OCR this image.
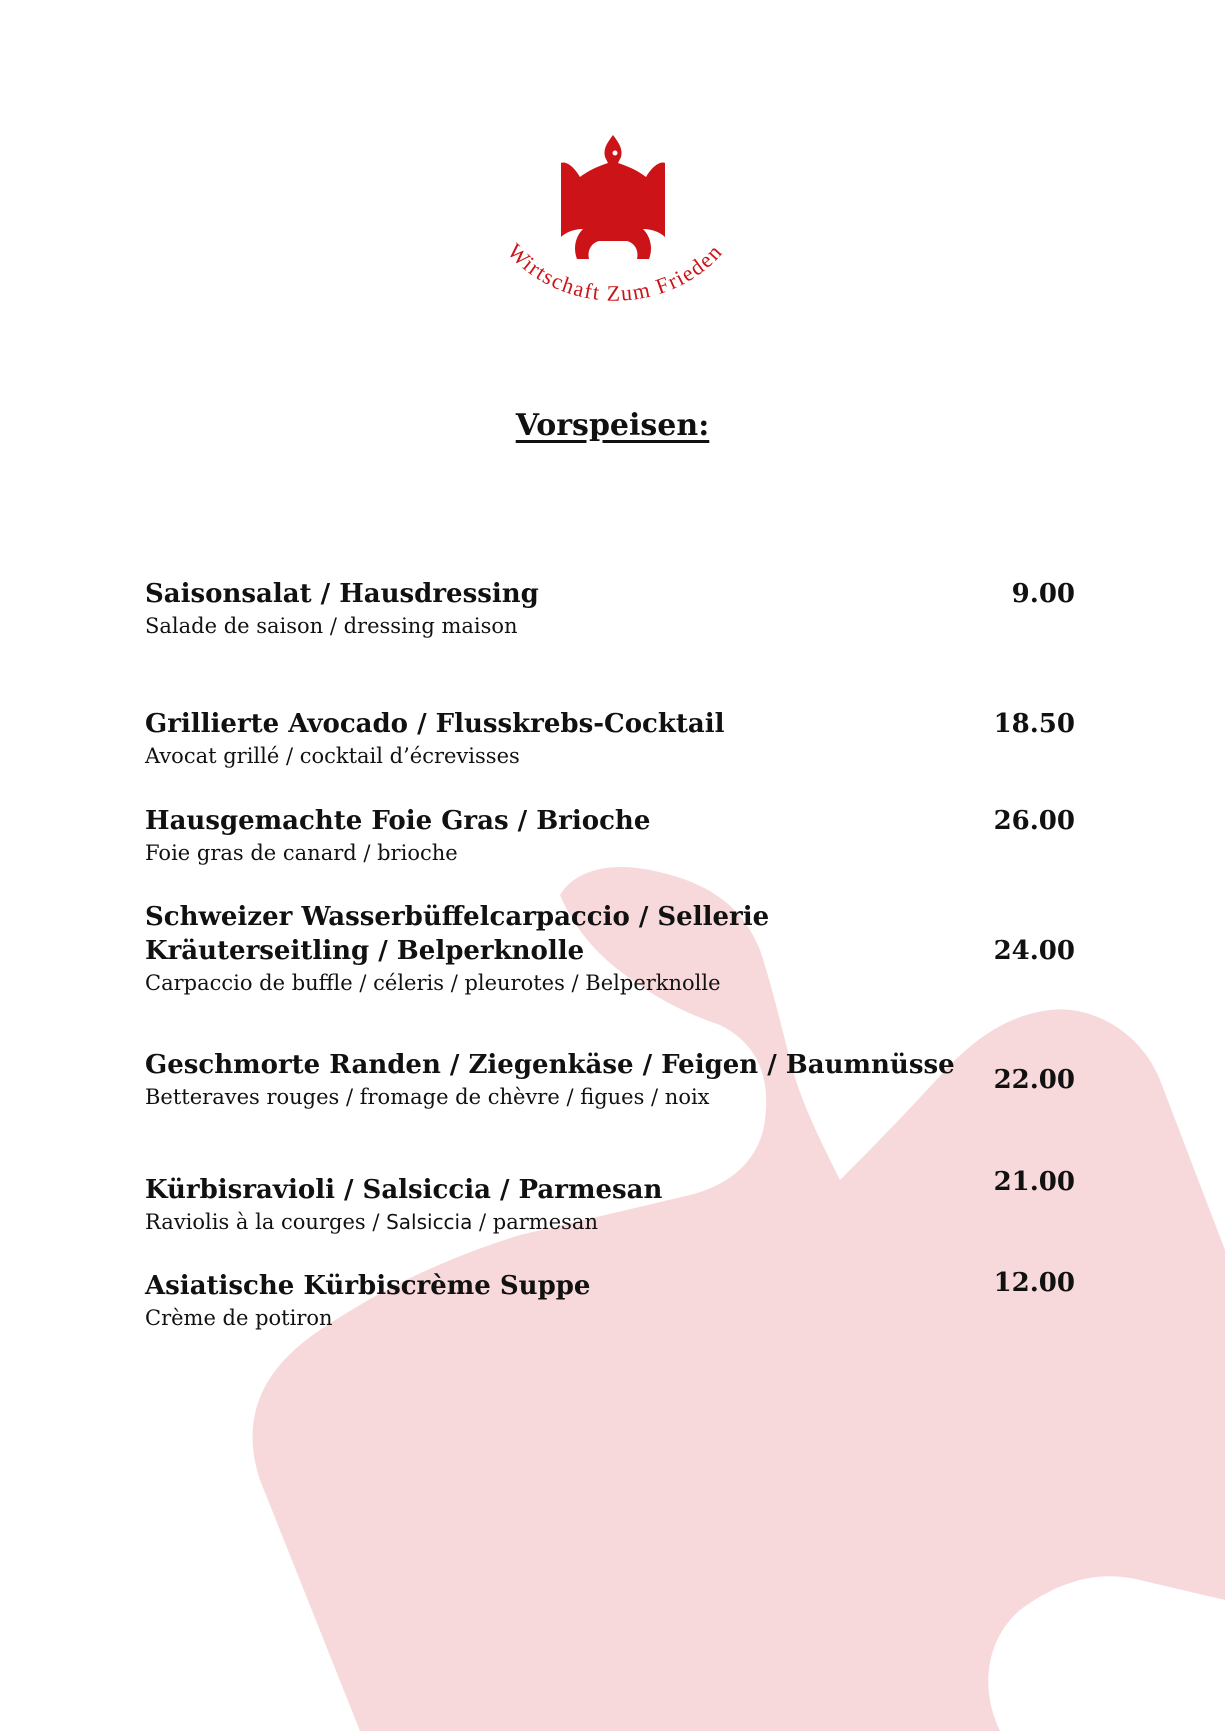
Wirtschaft Zum Frieden
Vorspeisen:
Saisonsalat / Hausdressing
Salade de saison / dressing maison
9.00
Grillierte Avocado / Flusskrebs-Cocktail
Avocat grillé / cocktail d’écrevisses
18.50
Hausgemachte Foie Gras / Brioche
Foie gras de canard / brioche
26.00
Schweizer Wasserbüffelcarpaccio / Sellerie
Kräuterseitling / Belperknolle
Carpaccio de buffle / céleris / pleurotes / Belperknolle
24.00
Geschmorte Randen / Ziegenkäse / Feigen / Baumnüsse
Betteraves rouges / fromage de chèvre / figues / noix
22.00
Kürbisravioli / Salsiccia / Parmesan
Raviolis à la courges / Salsiccia / parmesan
21.00
Asiatische Kürbiscrème Suppe
Crème de potiron
12.00
